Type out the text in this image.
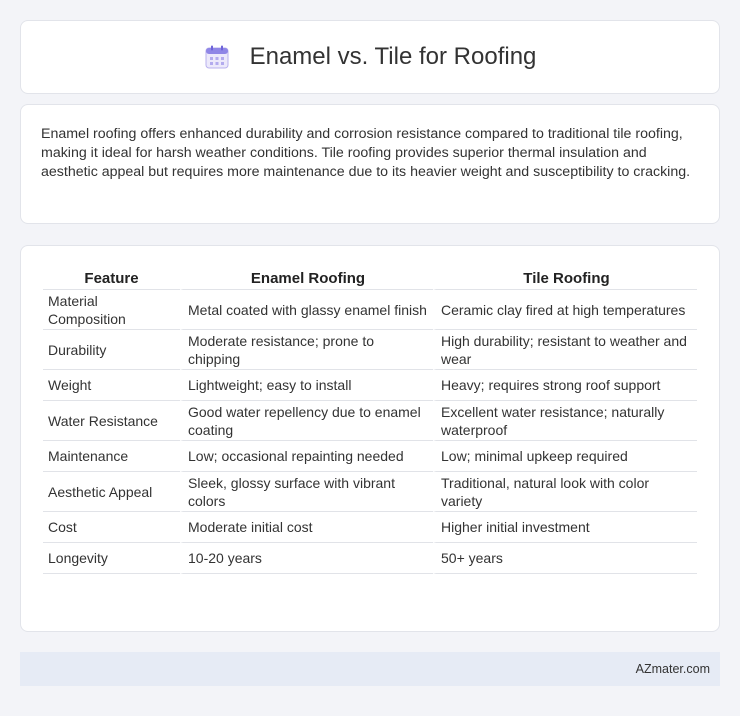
Enamel vs. Tile for Roofing

Enamel roofing offers enhanced durability and corrosion resistance compared to traditional tile roofing, making it ideal for harsh weather conditions. Tile roofing provides superior thermal insulation and aesthetic appeal but requires more maintenance due to its heavier weight and susceptibility to cracking.

Feature	Enamel Roofing	Tile Roofing
Material Composition	Metal coated with glassy enamel finish	Ceramic clay fired at high temperatures
Durability	Moderate resistance; prone to chipping	High durability; resistant to weather and wear
Weight	Lightweight; easy to install	Heavy; requires strong roof support
Water Resistance	Good water repellency due to enamel coating	Excellent water resistance; naturally waterproof
Maintenance	Low; occasional repainting needed	Low; minimal upkeep required
Aesthetic Appeal	Sleek, glossy surface with vibrant colors	Traditional, natural look with color variety
Cost	Moderate initial cost	Higher initial investment
Longevity	10-20 years	50+ years
AZmater.com
